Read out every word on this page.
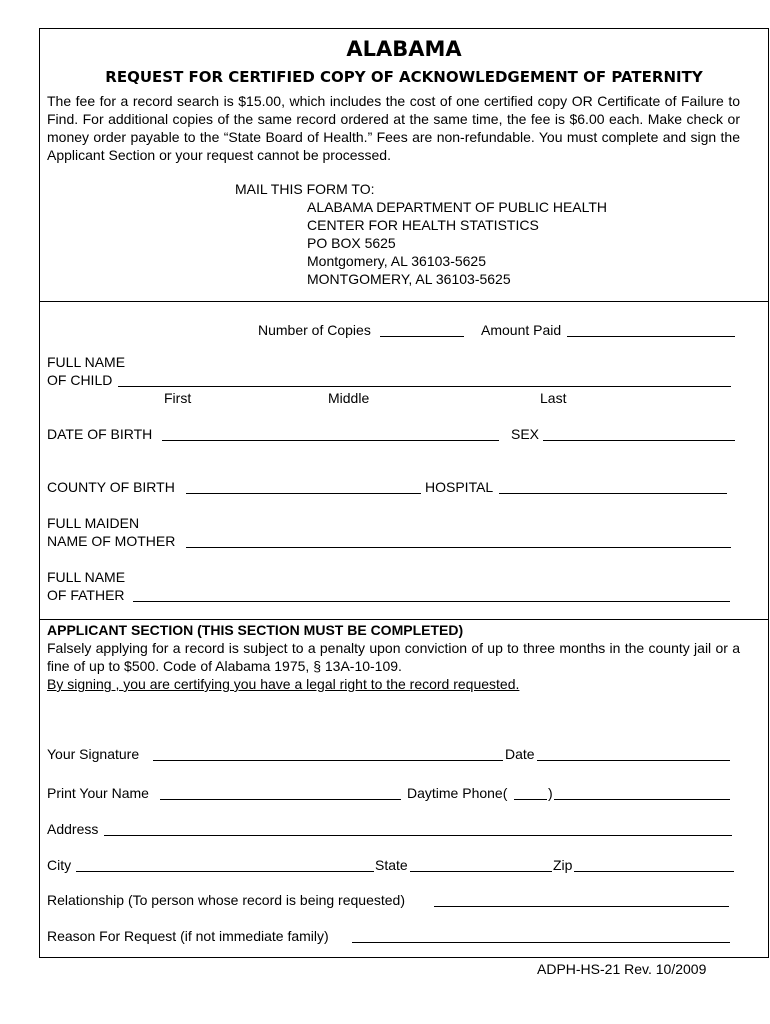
ALABAMA
REQUEST FOR CERTIFIED COPY OF ACKNOWLEDGEMENT OF PATERNITY
The fee for a record search is $15.00, which includes the cost of one certified copy OR Certificate of Failure to Find. For additional copies of the same record ordered at the same time, the fee is $6.00 each. Make check or money order payable to the “State Board of Health.” Fees are non-refundable. You must complete and sign the Applicant Section or your request cannot be processed.
MAIL THIS FORM TO:
ALABAMA DEPARTMENT OF PUBLIC HEALTH
CENTER FOR HEALTH STATISTICS
PO BOX 5625
Montgomery, AL 36103-5625
MONTGOMERY, AL 36103-5625
Number of Copies	Amount Paid
FULL NAME
OF CHILD
First	Middle	Last
DATE OF BIRTH	SEX
COUNTY OF BIRTH	HOSPITAL
FULL MAIDEN
NAME OF MOTHER
FULL NAME
OF FATHER
APPLICANT SECTION (THIS SECTION MUST BE COMPLETED)
Falsely applying for a record is subject to a penalty upon conviction of up to three months in the county jail or a fine of up to $500. Code of Alabama 1975, § 13A-10-109.
By signing , you are certifying you have a legal right to the record requested.
Your Signature	Date
Print Your Name	Daytime Phone(	)
Address
City	State	Zip
Relationship (To person whose record is being requested)
Reason For Request (if not immediate family)
ADPH-HS-21 Rev. 10/2009
